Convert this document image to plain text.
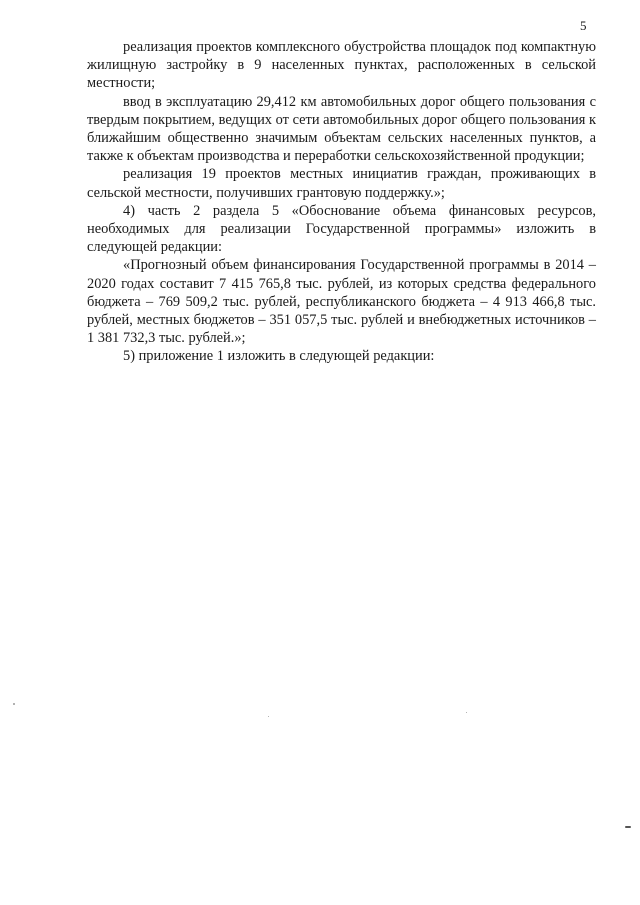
5

реализация проектов комплексного обустройства площадок под компактную жилищную застройку в 9 населенных пунктах, расположенных в сельской местности;

ввод в эксплуатацию 29,412 км автомобильных дорог общего пользования с твердым покрытием, ведущих от сети автомобильных дорог общего пользования к ближайшим общественно значимым объектам сельских населенных пунктов, а также к объектам производства и переработки сельскохозяйственной продукции;

реализация 19 проектов местных инициатив граждан, проживающих в сельской местности, получивших грантовую поддержку.»;

4) часть 2 раздела 5 «Обоснование объема финансовых ресурсов, необходимых для реализации Государственной программы» изложить в следующей редакции:

«Прогнозный объем финансирования Государственной программы в 2014 – 2020 годах составит 7 415 765,8 тыс. рублей, из которых средства федерального бюджета – 769 509,2 тыс. рублей, республиканского бюджета – 4 913 466,8 тыс. рублей, местных бюджетов – 351 057,5 тыс. рублей и внебюджетных источников – 1 381 732,3 тыс. рублей.»;

5) приложение 1 изложить в следующей редакции:
